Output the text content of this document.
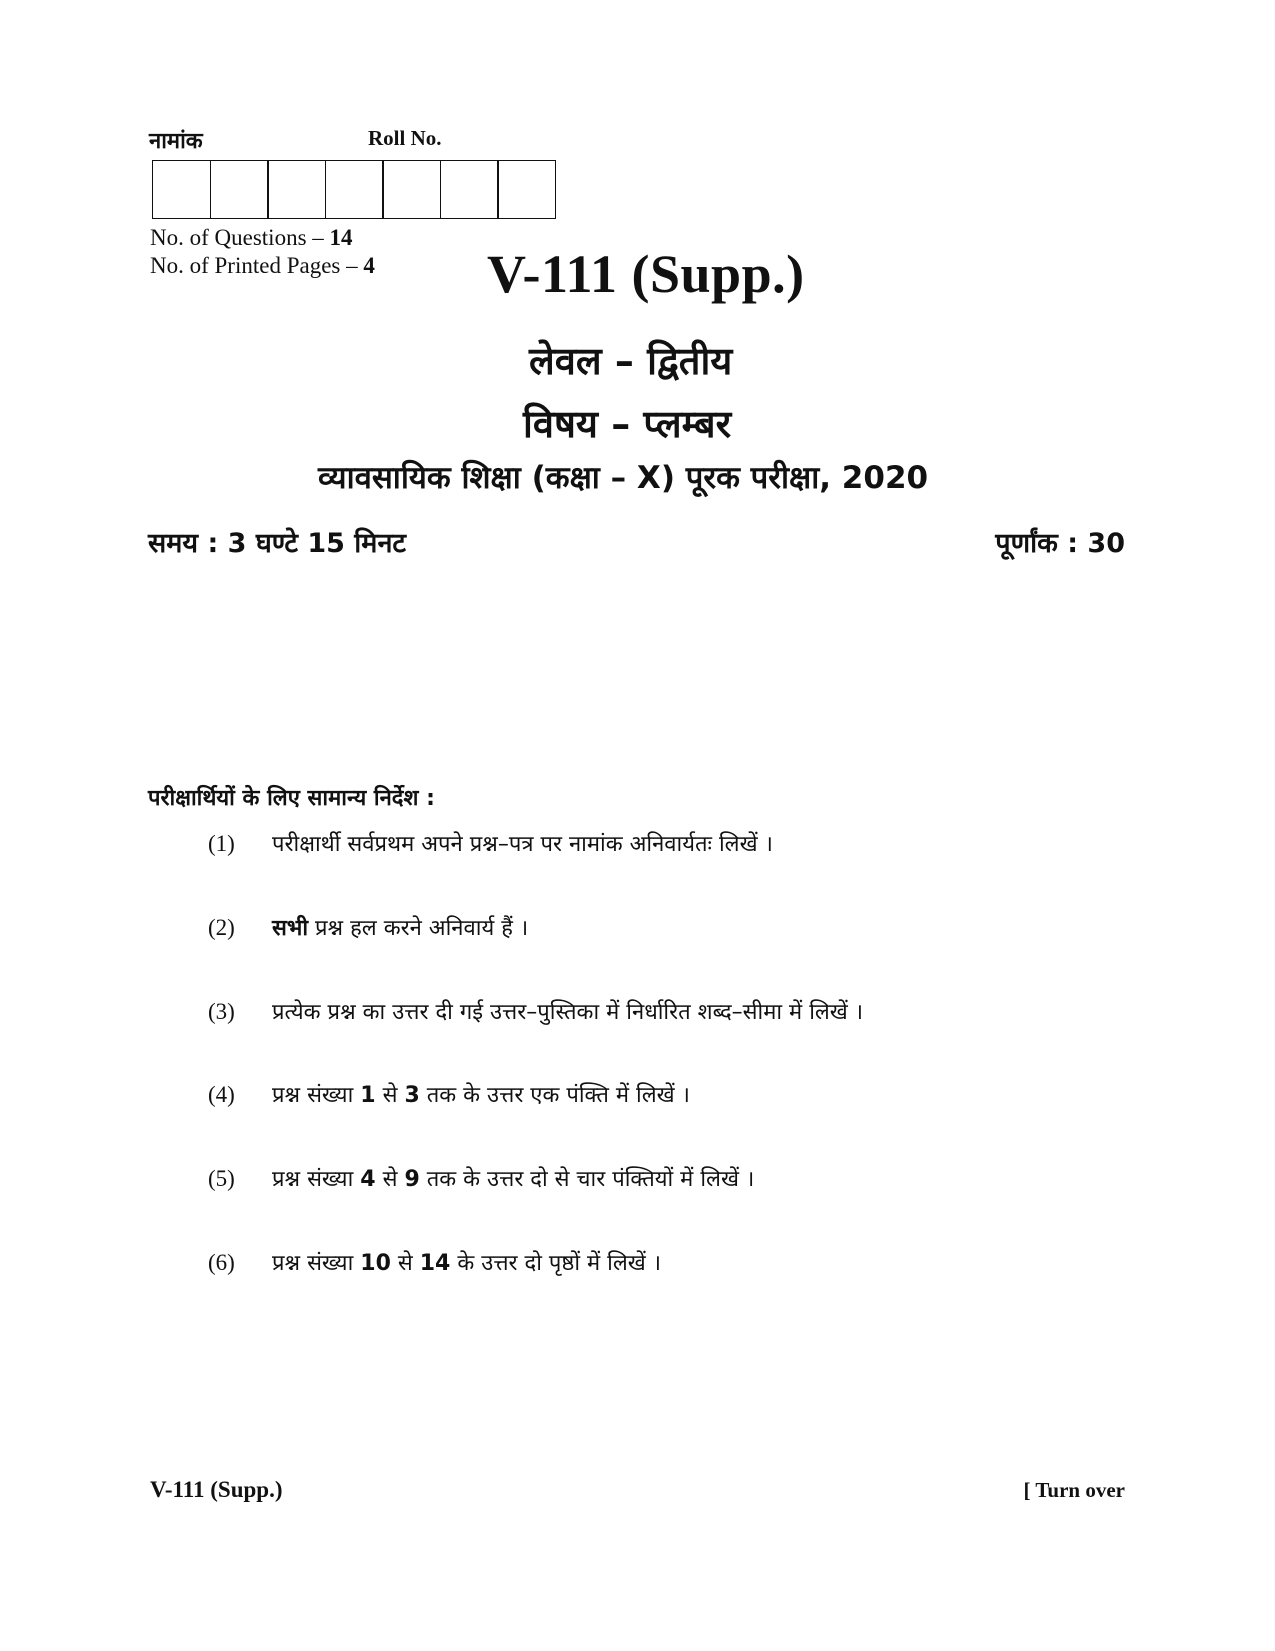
नामांक	Roll No.
No. of Questions – 14
No. of Printed Pages – 4 V-111 (Supp.)
लेवल – द्वितीय
विषय – प्लम्बर
व्यावसायिक शिक्षा (कक्षा – X) पूरक परीक्षा, 2020
समय : 3 घण्टे 15 मिनट	पूर्णांक : 30
परीक्षार्थियों के लिए सामान्य निर्देश :
(1) परीक्षार्थी सर्वप्रथम अपने प्रश्न–पत्र पर नामांक अनिवार्यतः लिखें ।
(2) सभी प्रश्न हल करने अनिवार्य हैं ।
(3) प्रत्येक प्रश्न का उत्तर दी गई उत्तर–पुस्तिका में निर्धारित शब्द–सीमा में लिखें ।
(4) प्रश्न संख्या 1 से 3 तक के उत्तर एक पंक्ति में लिखें ।
(5) प्रश्न संख्या 4 से 9 तक के उत्तर दो से चार पंक्तियों में लिखें ।
(6) प्रश्न संख्या 10 से 14 के उत्तर दो पृष्ठों में लिखें ।
V-111 (Supp.)	[ Turn over
